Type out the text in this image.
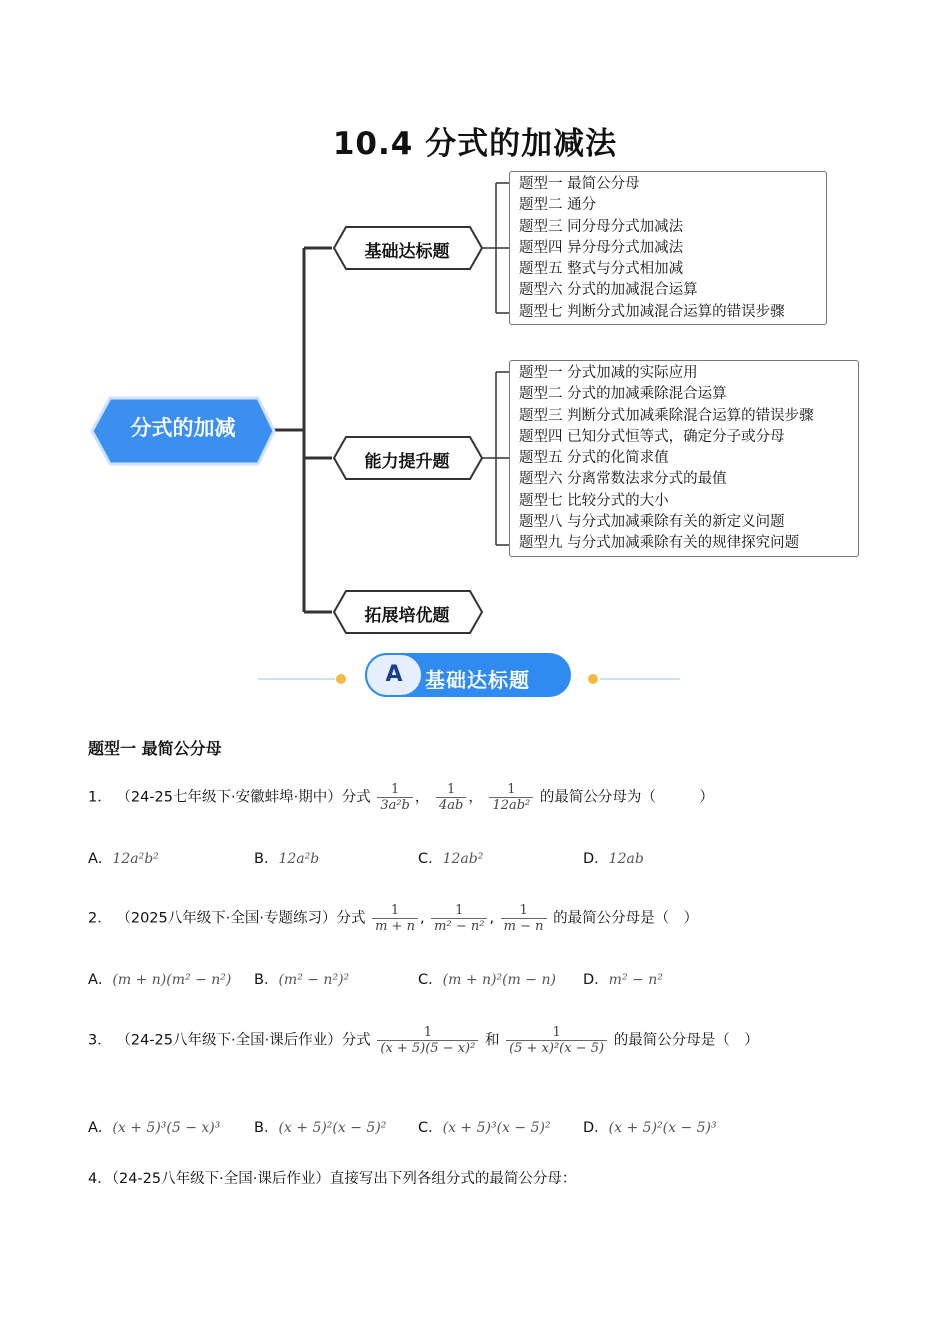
10.4 分式的加减法
分式的加减
基础达标题
能力提升题
拓展培优题
题型一 最简公分母
题型二 通分
题型三 同分母分式加减法
题型四 异分母分式加减法
题型五 整式与分式相加减
题型六 分式的加减混合运算
题型七 判断分式加减混合运算的错误步骤
题型一 分式加减的实际应用
题型二 分式的加减乘除混合运算
题型三 判断分式加减乘除混合运算的错误步骤
题型四 已知分式恒等式，确定分子或分母
题型五 分式的化简求值
题型六 分离常数法求分式的最值
题型七 比较分式的大小
题型八 与分式加减乘除有关的新定义问题
题型九 与分式加减乘除有关的规律探究问题
A	基础达标题
题型一 最简公分母
1． （24-25七年级下·安徽蚌埠·期中）分式 $\frac{1}{\text{3a²b}}$ ， $\frac{1}{4ab}$ ， $\frac{1}{\text{12ab²}}$ 的最简公分母为（　　　）
A．12a²b²	B．12a²b	C．12ab²	D．12ab
2． （2025八年级下·全国·专题练习）分式 $\frac{1}{m + n}$ , $\frac{1}{\text{m² − n²}}$ , $\frac{1}{m - n}$ 的最简公分母是（　）
A．(m + n)(m² − n²) B．(m² − n²)²	C．(m + n)²(m − n) D．m² − n²
3． （24-25八年级下·全国·课后作业）分式 $\frac{1}{\text{(x + 5)(5 − x)²}}$ 和 $\frac{1}{\text{(5 + x)²(x − 5)}}$ 的最简公分母是（　）
A．(x + 5)³(5 − x)³ B．(x + 5)²(x − 5)² C．(x + 5)³(x − 5)² D．(x + 5)²(x − 5)³
4．（24-25八年级下·全国·课后作业）直接写出下列各组分式的最简公分母：
